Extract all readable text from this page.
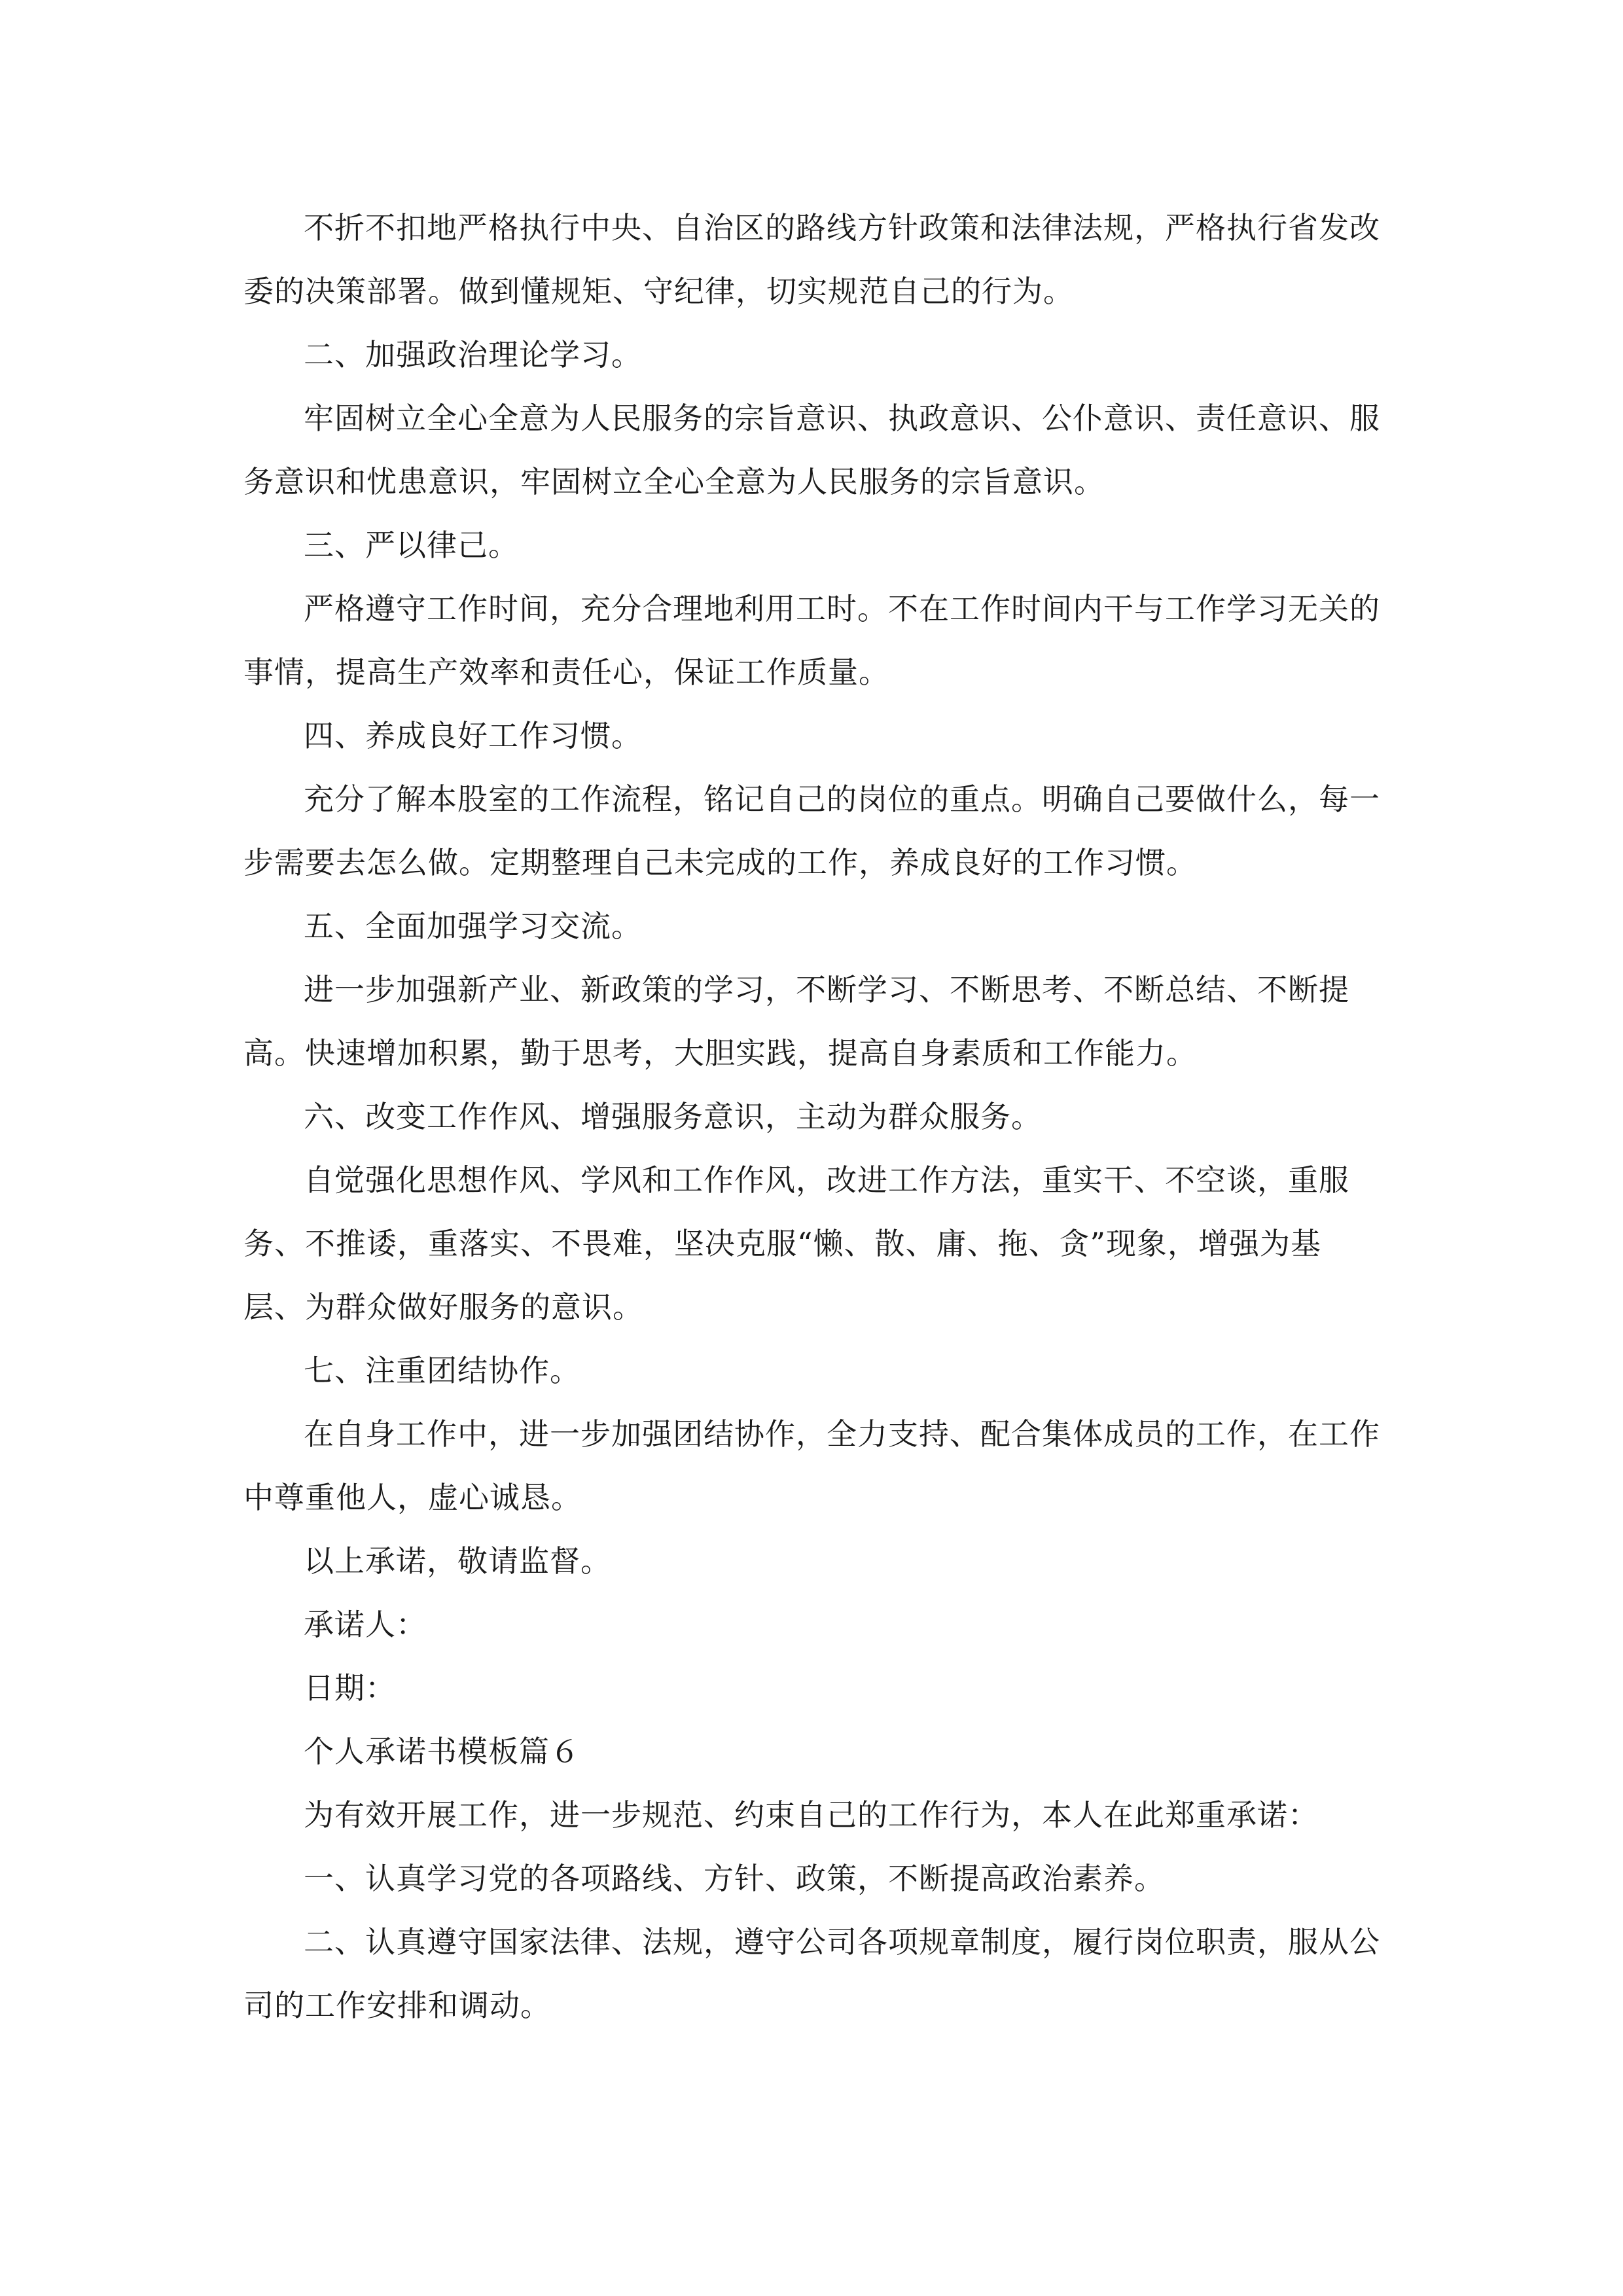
不折不扣地严格执行中央、自治区的路线方针政策和法律法规，严格执行省发改委的决策部署。做到懂规矩、守纪律，切实规范自己的行为。

二、加强政治理论学习。

牢固树立全心全意为人民服务的宗旨意识、执政意识、公仆意识、责任意识、服务意识和忧患意识，牢固树立全心全意为人民服务的宗旨意识。

三、严以律己。

严格遵守工作时间，充分合理地利用工时。不在工作时间内干与工作学习无关的事情，提高生产效率和责任心，保证工作质量。

四、养成良好工作习惯。

充分了解本股室的工作流程，铭记自己的岗位的重点。明确自己要做什么，每一步需要去怎么做。定期整理自己未完成的工作，养成良好的工作习惯。

五、全面加强学习交流。

进一步加强新产业、新政策的学习，不断学习、不断思考、不断总结、不断提高。快速增加积累，勤于思考，大胆实践，提高自身素质和工作能力。

六、改变工作作风、增强服务意识，主动为群众服务。

自觉强化思想作风、学风和工作作风，改进工作方法，重实干、不空谈，重服务、不推诿，重落实、不畏难，坚决克服“懒、散、庸、拖、贪”现象，增强为基层、为群众做好服务的意识。

七、注重团结协作。

在自身工作中，进一步加强团结协作，全力支持、配合集体成员的工作，在工作中尊重他人，虚心诚恳。

以上承诺，敬请监督。

承诺人：

日期：

个人承诺书模板篇６

为有效开展工作，进一步规范、约束自己的工作行为，本人在此郑重承诺：

一、认真学习党的各项路线、方针、政策，不断提高政治素养。

二、认真遵守国家法律、法规，遵守公司各项规章制度，履行岗位职责，服从公司的工作安排和调动。
